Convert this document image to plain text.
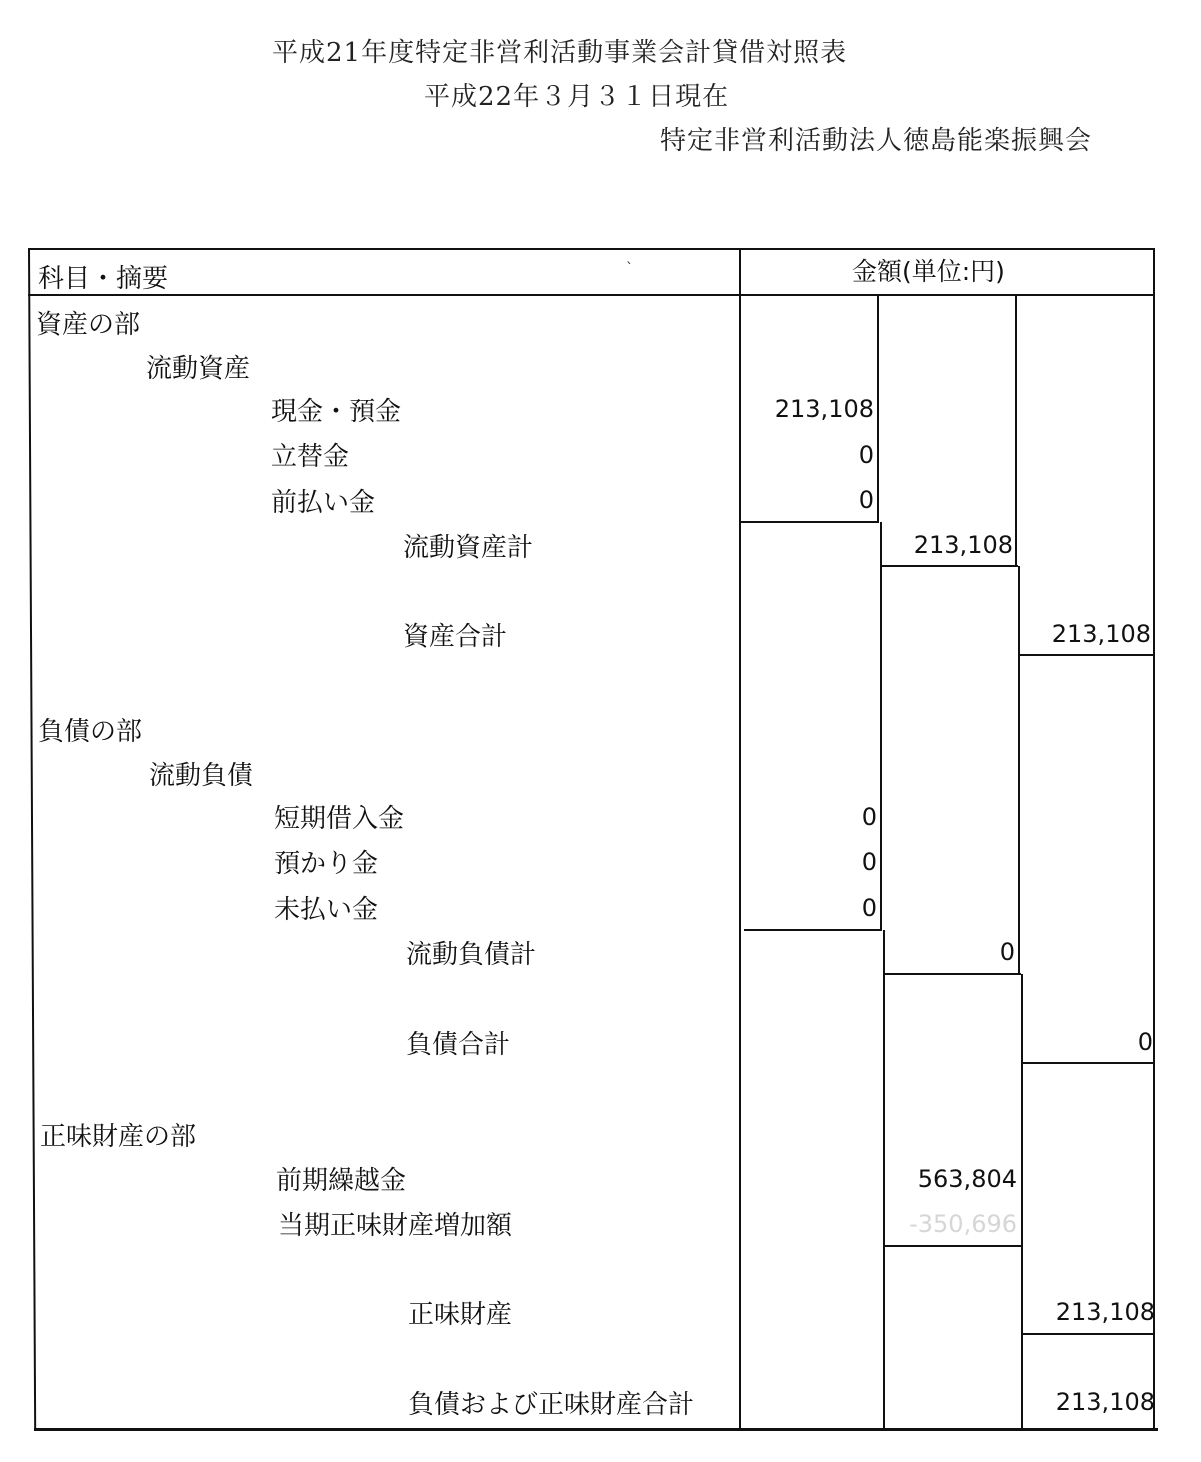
平成21年度特定非営利活動事業会計貸借対照表
平成22年３月３１日現在
特定非営利活動法人徳島能楽振興会
科目・摘要	金額(単位:円)
ˋ
資産の部
流動資産
現金・預金
立替金
前払い金
流動資産計
資産合計
負債の部
流動負債
短期借入金
預かり金
未払い金
流動負債計
負債合計
正味財産の部
前期繰越金
当期正味財産増加額
正味財産
負債および正味財産合計
213,108
0
0
0
0
0
213,108
0
563,804
-350,696
213,108
0
213,108
213,108
